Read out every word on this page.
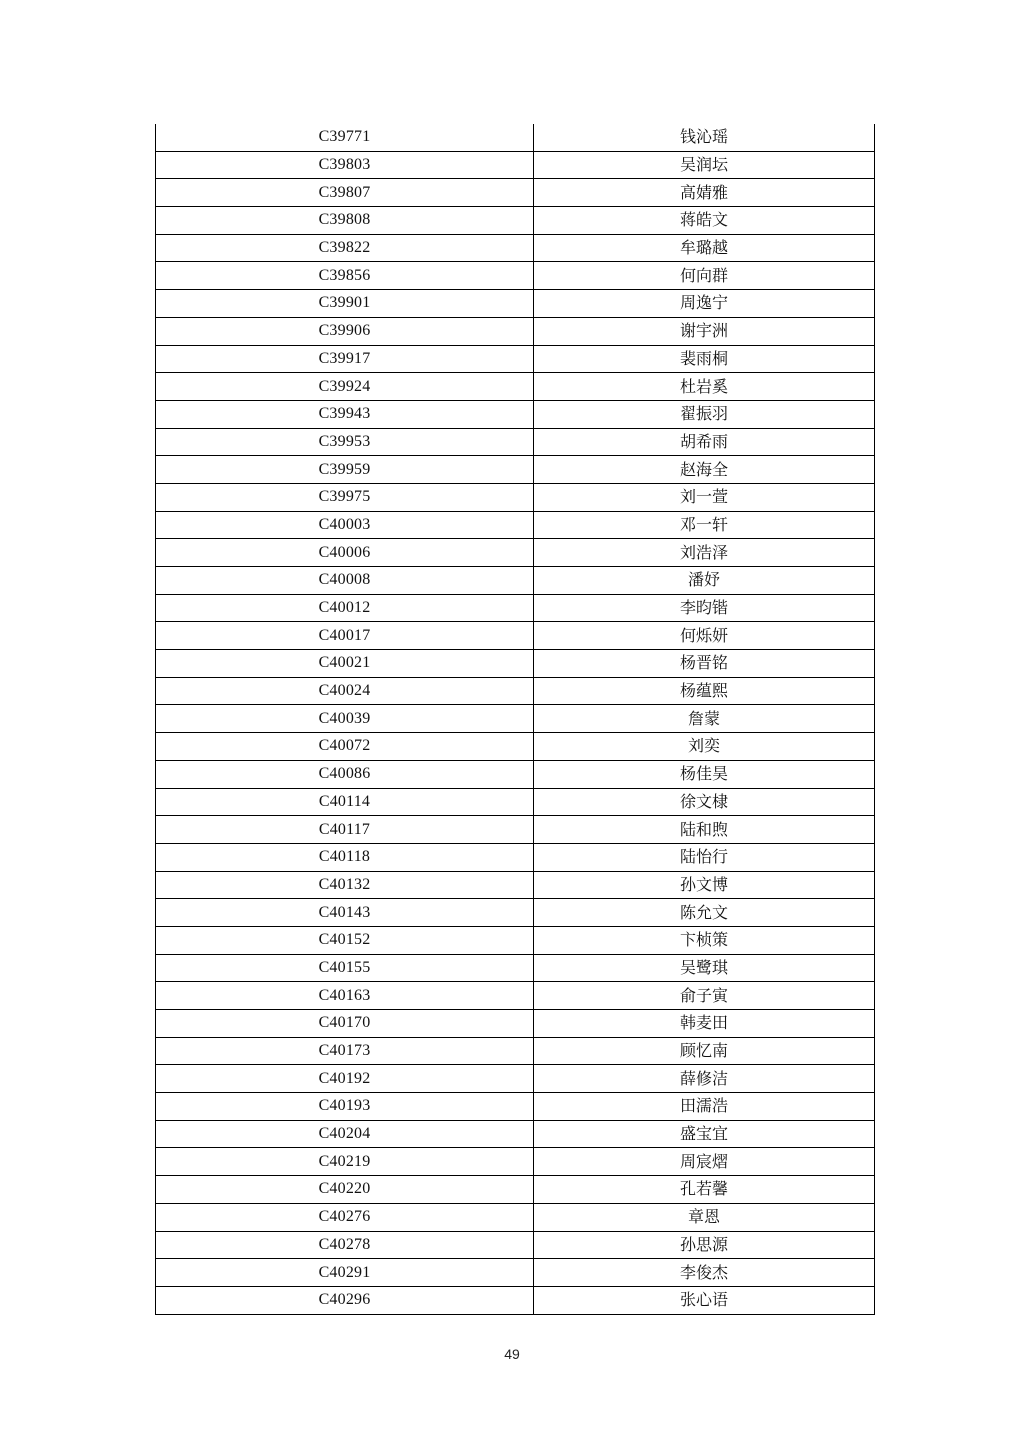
C39771	钱沁瑶
C39803	吴润坛
C39807	高婧雅
C39808	蒋皓文
C39822	牟璐越
C39856	何向群
C39901	周逸宁
C39906	谢宇洲
C39917	裴雨桐
C39924	杜岩奚
C39943	翟振羽
C39953	胡希雨
C39959	赵海全
C39975	刘一萱
C40003	邓一轩
C40006	刘浩泽
C40008	潘妤
C40012	李昀锴
C40017	何烁妍
C40021	杨晋铭
C40024	杨蕴熙
C40039	詹蒙
C40072	刘奕
C40086	杨佳昊
C40114	徐文棣
C40117	陆和煦
C40118	陆怡行
C40132	孙文博
C40143	陈允文
C40152	卞桢策
C40155	吴鹭琪
C40163	俞子寅
C40170	韩麦田
C40173	顾忆南
C40192	薛修洁
C40193	田濡浩
C40204	盛宝宜
C40219	周宸熠
C40220	孔若馨
C40276	章恩
C40278	孙思源
C40291	李俊杰
C40296	张心语
49
